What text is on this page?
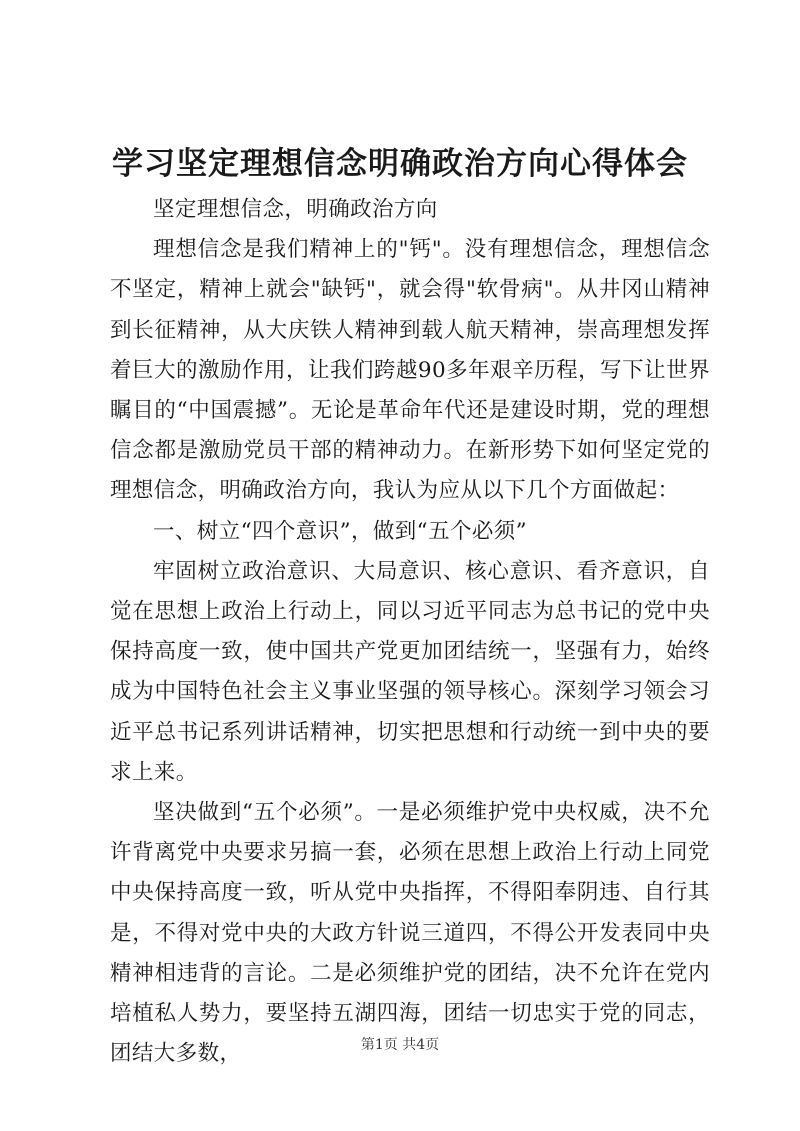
学习坚定理想信念明确政治方向心得体会

坚定理想信念，明确政治方向

理想信念是我们精神上的"钙"。没有理想信念，理想信念不坚定，精神上就会"缺钙"，就会得"软骨病"。从井冈山精神到长征精神，从大庆铁人精神到载人航天精神，崇高理想发挥着巨大的激励作用，让我们跨越90多年艰辛历程，写下让世界瞩目的“中国震撼”。无论是革命年代还是建设时期，党的理想信念都是激励党员干部的精神动力。在新形势下如何坚定党的理想信念，明确政治方向，我认为应从以下几个方面做起：

一、树立“四个意识”，做到“五个必须”

牢固树立政治意识、大局意识、核心意识、看齐意识，自觉在思想上政治上行动上，同以习近平同志为总书记的党中央保持高度一致，使中国共产党更加团结统一，坚强有力，始终成为中国特色社会主义事业坚强的领导核心。深刻学习领会习近平总书记系列讲话精神，切实把思想和行动统一到中央的要求上来。

坚决做到“五个必须”。一是必须维护党中央权威，决不允许背离党中央要求另搞一套，必须在思想上政治上行动上同党中央保持高度一致，听从党中央指挥，不得阳奉阴违、自行其是，不得对党中央的大政方针说三道四，不得公开发表同中央精神相违背的言论。二是必须维护党的团结，决不允许在党内培植私人势力，要坚持五湖四海，团结一切忠实于党的同志，团结大多数，	第1页 共4页
